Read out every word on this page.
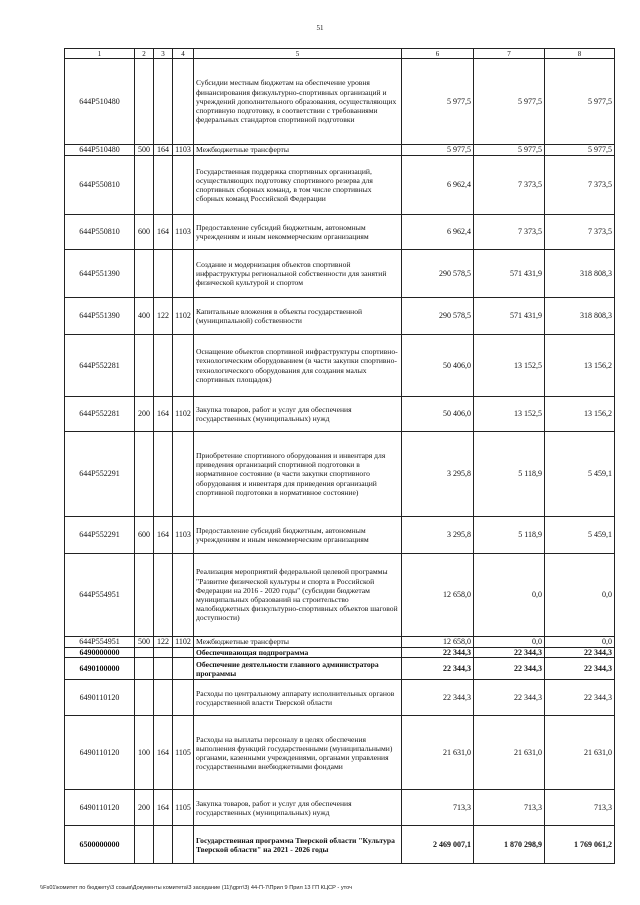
51
1	2	3	4	5	6	7	8
644P510480				Субсидии местным бюджетам на обеспечение уровня финансирования физкультурно-спортивных организаций и учреждений дополнительного образования, осуществляющих спортивную подготовку, в соответствии с требованиями федеральных стандартов спортивной подготовки	5 977,5	5 977,5	5 977,5
644P510480	500	164	1103	Межбюджетные трансферты	5 977,5	5 977,5	5 977,5
644P550810				Государственная поддержка спортивных организаций, осуществляющих подготовку спортивного резерва для спортивных сборных команд, в том числе спортивных сборных команд Российской Федерации	6 962,4	7 373,5	7 373,5
644P550810	600	164	1103	Предоставление субсидий бюджетным, автономным учреждениям и иным некоммерческим организациям	6 962,4	7 373,5	7 373,5
644P551390				Создание и модернизация объектов спортивной инфраструктуры региональной собственности для занятий физической культурой и спортом	290 578,5	571 431,9	318 808,3
644P551390	400	122	1102	Капитальные вложения в объекты государственной (муниципальной) собственности	290 578,5	571 431,9	318 808,3
644P552281				Оснащение объектов спортивной инфраструктуры спортивно-технологическим оборудованием (в части закупки спортивно-технологического оборудования для создания малых спортивных площадок)	50 406,0	13 152,5	13 156,2
644P552281	200	164	1102	Закупка товаров, работ и услуг для обеспечения государственных (муниципальных) нужд	50 406,0	13 152,5	13 156,2
644P552291				Приобретение спортивного оборудования и инвентаря для приведения организаций спортивной подготовки в нормативное состояние (в части закупки спортивного оборудования и инвентаря для приведения организаций спортивной подготовки в нормативное состояние)	3 295,8	5 118,9	5 459,1
644P552291	600	164	1103	Предоставление субсидий бюджетным, автономным учреждениям и иным некоммерческим организациям	3 295,8	5 118,9	5 459,1
644P554951				Реализация мероприятий федеральной целевой программы "Развитие физической культуры и спорта в Российской Федерации на 2016 - 2020 годы" (субсидии бюджетам муниципальных образований на строительство малобюджетных физкультурно-спортивных объектов шаговой доступности)	12 658,0	0,0	0,0
644P554951	500	122	1102	Межбюджетные трансферты	12 658,0	0,0	0,0
6490000000				Обеспечивающая подпрограмма	22 344,3	22 344,3	22 344,3
6490100000				Обеспечение деятельности главного администратора программы	22 344,3	22 344,3	22 344,3
6490110120				Расходы по центральному аппарату исполнительных органов государственной власти Тверской области	22 344,3	22 344,3	22 344,3
6490110120	100	164	1105	Расходы на выплаты персоналу в целях обеспечения выполнения функций государственными (муниципальными) органами, казенными учреждениями, органами управления государственными внебюджетными фондами	21 631,0	21 631,0	21 631,0
6490110120	200	164	1105	Закупка товаров, работ и услуг для обеспечения государственных (муниципальных) нужд	713,3	713,3	713,3
6500000000				Государственная программа Тверской области "Культура Тверской области" на 2021 - 2026 годы	2 469 007,1	1 870 298,9	1 769 061,2
\\Fs01\комитет по бюджету\3 созыв\Документы комитета\3 заседание (11)\gprr\3) 44-П-7\Прил 9 Прил 13 ГП КЦСР - уточ
